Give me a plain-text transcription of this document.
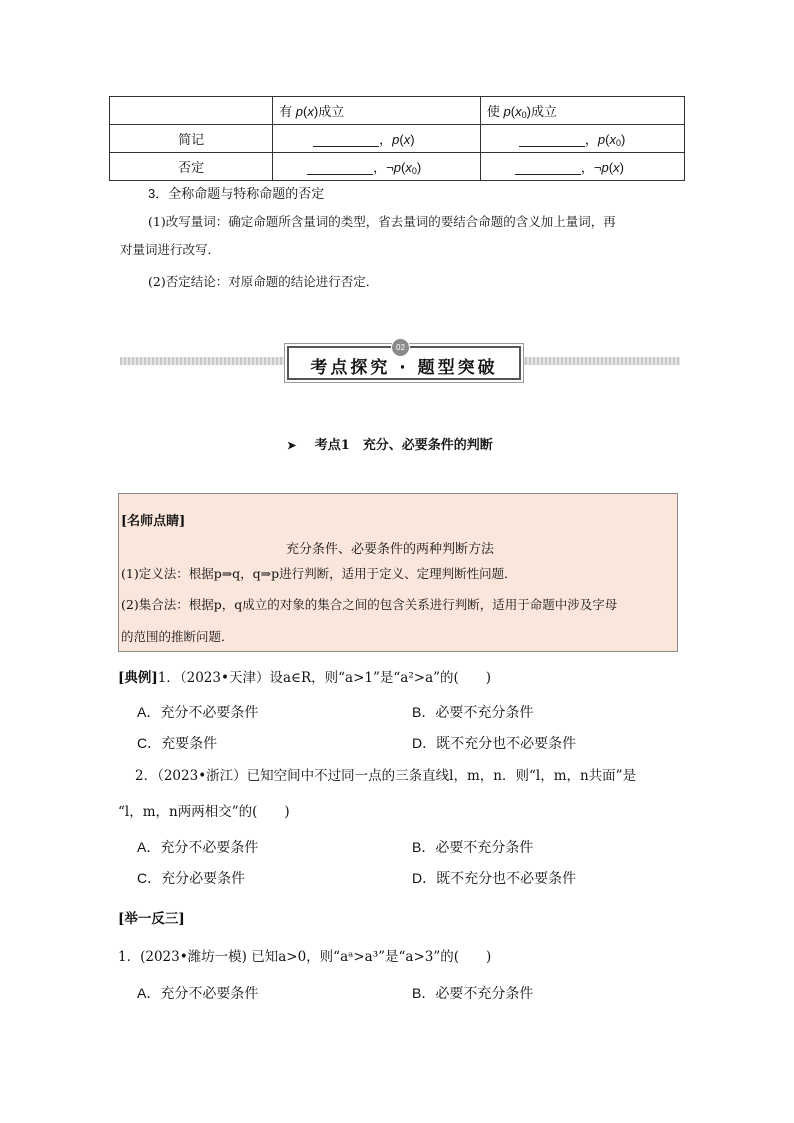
	有 p(x)成立	使 $p(x_0)$成立
简记	，p(x)	，$p(x_0)$
否定	，$\neg p(x_0)$	，¬p(x)
3．全称命题与特称命题的否定
(1)改写量词：确定命题所含量词的类型，省去量词的要结合命题的含义加上量词，再
对量词进行改写．
(2)否定结论：对原命题的结论进行否定．
考点探究 · 题型突破
02
➤ 考点1　充分、必要条件的判断
[名师点睛]
充分条件、必要条件的两种判断方法
(1)定义法：根据p⇒q，q⇒p进行判断，适用于定义、定理判断性问题．
(2)集合法：根据p，q成立的对象的集合之间的包含关系进行判断，适用于命题中涉及字母
的范围的推断问题．
[典例]1．（2023•天津）设a∈R，则“a>1”是“a²>a”的(　　)
A．充分不必要条件	B．必要不充分条件
C．充要条件	D．既不充分也不必要条件
2．（2023•浙江）已知空间中不过同一点的三条直线l，m，n．则“l，m，n共面”是
“l，m，n两两相交”的(　　)
A．充分不必要条件	B．必要不充分条件
C．充分必要条件	D．既不充分也不必要条件
[举一反三]
1．(2023•潍坊一模) 已知a>0，则“aᵃ>a³”是“a>3”的(　　)
A．充分不必要条件	B．必要不充分条件
